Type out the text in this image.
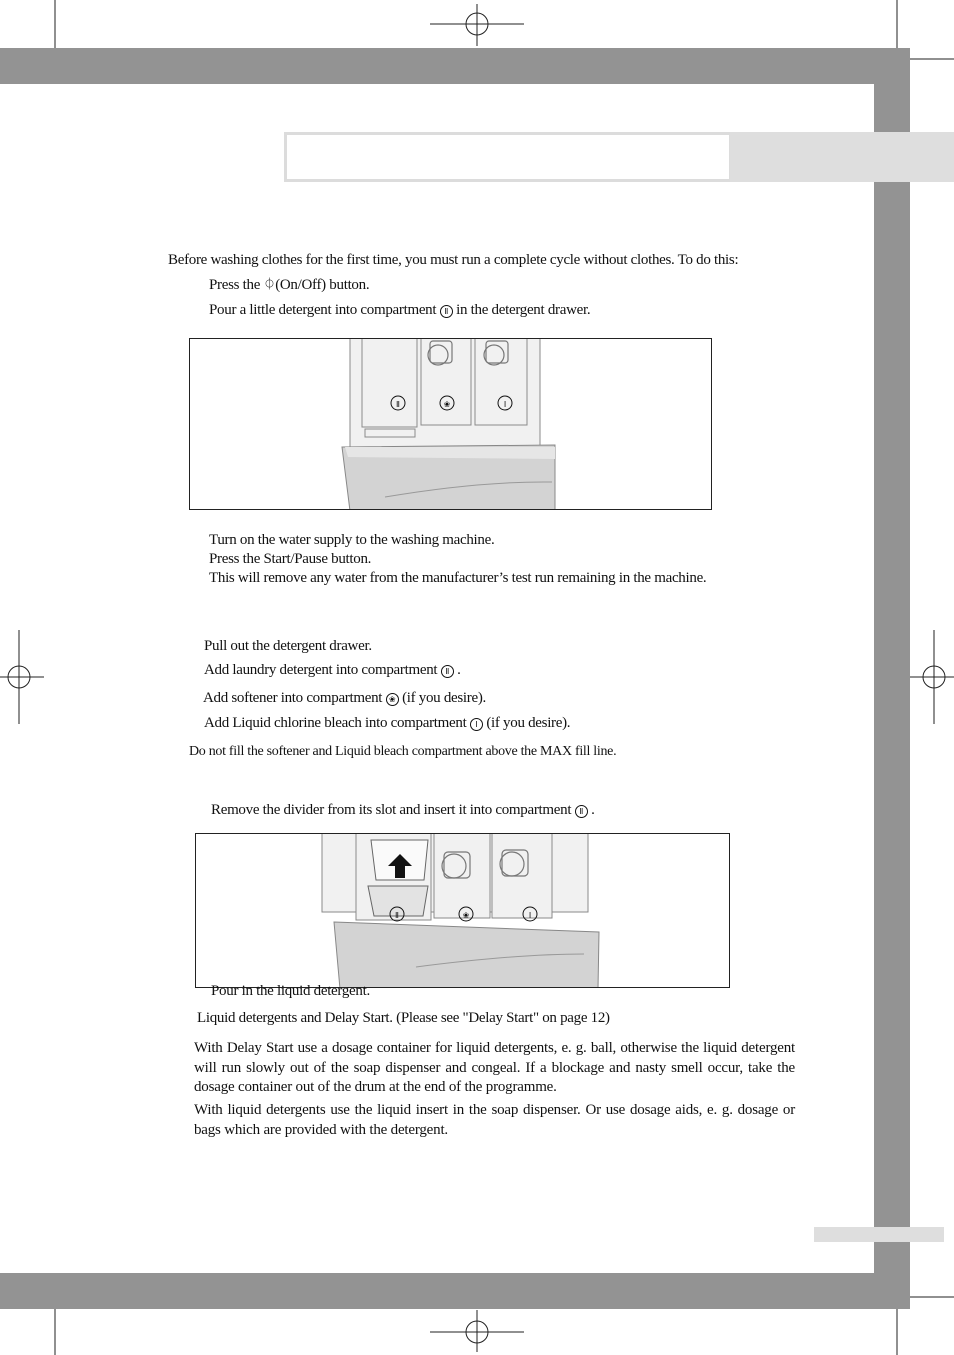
Before washing clothes for the first time, you must run a complete cycle without clothes. To do this:
Press the ⏀(On/Off) button.
Pour a little detergent into compartment Ⅱ in the detergent drawer.
Ⅱ	❀	Ⅰ
Turn on the water supply to the washing machine.
Press the Start/Pause button.
This will remove any water from the manufacturer’s test run remaining in the machine.
Pull out the detergent drawer.
Add laundry detergent into compartment Ⅱ .
Add softener into compartment ❀ (if you desire).
Add Liquid chlorine bleach into compartment Ⅰ (if you desire).
Do not fill the softener and Liquid bleach compartment above the MAX fill line.
Remove the divider from its slot and insert it into compartment Ⅱ .
Ⅱ	❀	Ⅰ
Pour in the liquid detergent.
Liquid detergents and Delay Start. (Please see "Delay Start" on page 12)
With Delay Start use a dosage container for liquid detergents, e. g. ball, otherwise the liquid detergent will run slowly out of the soap dispenser and congeal. If a blockage and nasty smell occur, take the dosage container out of the drum at the end of the programme.
With liquid detergents use the liquid insert in the soap dispenser. Or use dosage aids, e. g. dosage or bags which are provided with the detergent.
